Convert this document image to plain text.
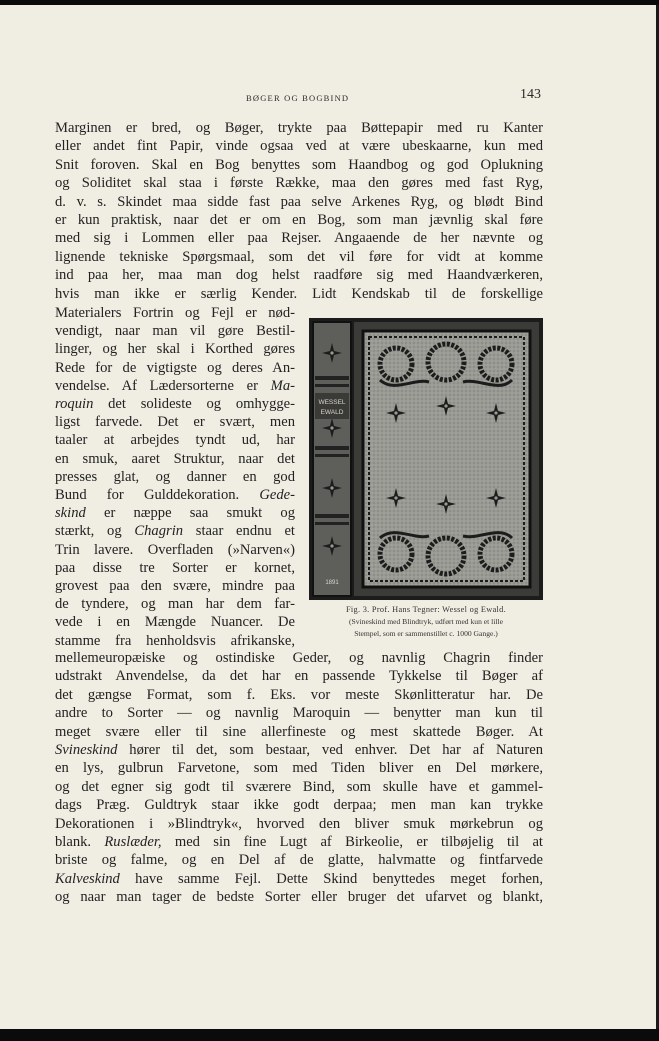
BØGER OG BOGBIND	143
Marginen er bred, og Bøger, trykte paa Bøttepapir med ru Kanter
eller andet fint Papir, vinde ogsaa ved at være ubeskaarne, kun med
Snit foroven. Skal en Bog benyttes som Haandbog og god Oplukning
og Soliditet skal staa i første Række, maa den gøres med fast Ryg,
d. v. s. Skindet maa sidde fast paa selve Arkenes Ryg, og blødt Bind
er kun praktisk, naar det er om en Bog, som man jævnlig skal føre
med sig i Lommen eller paa Rejser. Angaaende de her nævnte og
lignende tekniske Spørgsmaal, som det vil føre for vidt at komme
ind paa her, maa man dog helst raadføre sig med Haandværkeren,
hvis man ikke er særlig Kender. Lidt Kendskab til de forskellige
Materialers Fortrin og Fejl er nød-
vendigt, naar man vil gøre Bestil-
linger, og her skal i Korthed gøres
Rede for de vigtigste og deres An-
vendelse. Af Lædersorterne er Ma-
roquin det solideste og omhygge-
ligst farvede. Det er svært, men
taaler at arbejdes tyndt ud, har
en smuk, aaret Struktur, naar det
presses glat, og danner en god
Bund for Gulddekoration. Gede-
skind er næppe saa smukt og
stærkt, og Chagrin staar endnu et
Trin lavere. Overfladen (»Narven«)
paa disse tre Sorter er kornet,
grovest paa den svære, mindre paa
de tyndere, og man har dem far-
vede i en Mængde Nuancer. De
stamme fra henholdsvis afrikanske,
mellemeuropæiske og ostindiske Geder, og navnlig Chagrin finder
udstrakt Anvendelse, da det har en passende Tykkelse til Bøger af
det gængse Format, som f. Eks. vor meste Skønlitteratur har. De
andre to Sorter — og navnlig Maroquin — benytter man kun til
meget svære eller til sine allerfineste og mest skattede Bøger. At
Svineskind hører til det, som bestaar, ved enhver. Det har af Naturen
en lys, gulbrun Farvetone, som med Tiden bliver en Del mørkere,
og det egner sig godt til sværere Bind, som skulle have et gammel-
dags Præg. Guldtryk staar ikke godt derpaa; men man kan trykke
Dekorationen i »Blindtryk«, hvorved den bliver smuk mørkebrun og
blank. Ruslæder, med sin fine Lugt af Birkeolie, er tilbøjelig til at
briste og falme, og en Del af de glatte, halvmatte og fintfarvede
Kalveskind have samme Fejl. Dette Skind benyttedes meget forhen,
og naar man tager de bedste Sorter eller bruger det ufarvet og blankt,
WESSEL
EWALD
1891
Fig. 3. Prof. Hans Tegner: Wessel og Ewald.
(Svineskind med Blindtryk, udført med kun et lille
Stempel, som er sammenstillet c. 1000 Gange.)
